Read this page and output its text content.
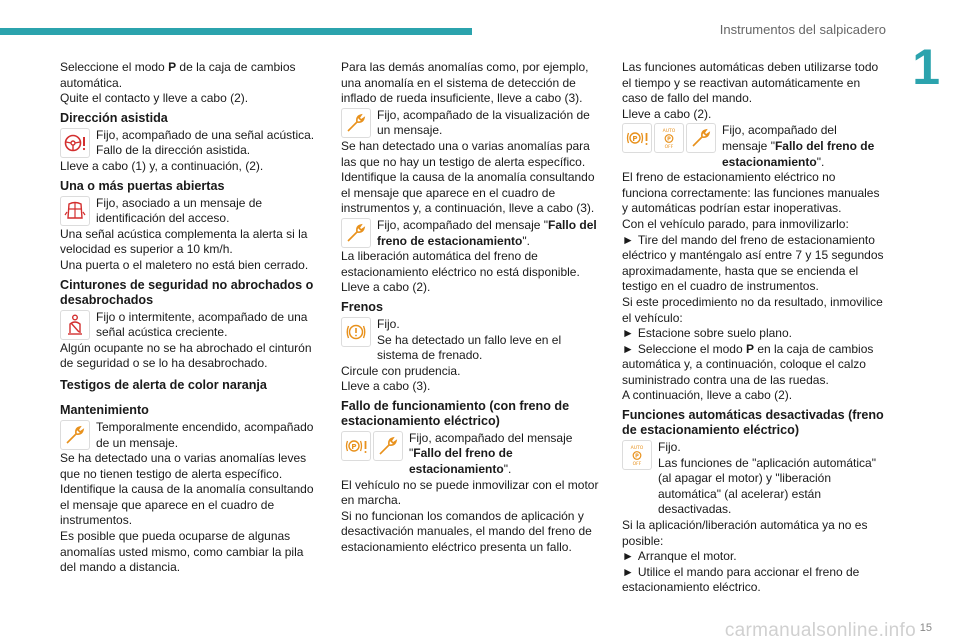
Instrumentos del salpicadero
1

Seleccione el modo P de la caja de cambios automática.

Quite el contacto y lleve a cabo (2).

Dirección asistida
Fijo, acompañado de una señal acústica. Fallo de la dirección asistida.

Lleve a cabo (1) y, a continuación, (2).

Una o más puertas abiertas
Fijo, asociado a un mensaje de identificación del acceso.

Una señal acústica complementa la alerta si la velocidad es superior a 10 km/h.

Una puerta o el maletero no está bien cerrado.

Cinturones de seguridad no abrochados o desabrochados
Fijo o intermitente, acompañado de una señal acústica creciente.

Algún ocupante no se ha abrochado el cinturón de seguridad o se lo ha desabrochado.

Testigos de alerta de color naranja
Mantenimiento
Temporalmente encendido, acompañado de un mensaje.

Se ha detectado una o varias anomalías leves que no tienen testigo de alerta específico.

Identifique la causa de la anomalía consultando el mensaje que aparece en el cuadro de instrumentos.

Es posible que pueda ocuparse de algunas anomalías usted mismo, como cambiar la pila del mando a distancia.

Para las demás anomalías como, por ejemplo, una anomalía en el sistema de detección de inflado de rueda insuficiente, lleve a cabo (3).

Fijo, acompañado de la visualización de un mensaje.

Se han detectado una o varias anomalías para las que no hay un testigo de alerta específico.

Identifique la causa de la anomalía consultando el mensaje que aparece en el cuadro de instrumentos y, a continuación, lleve a cabo (3).

Fijo, acompañado del mensaje "Fallo del freno de estacionamiento".

La liberación automática del freno de estacionamiento eléctrico no está disponible.

Lleve a cabo (2).

Frenos
Fijo.
Se ha detectado un fallo leve en el sistema de frenado.

Circule con prudencia.

Lleve a cabo (3).

Fallo de funcionamiento (con freno de estacionamiento eléctrico)
P
Fijo, acompañado del mensaje "Fallo del freno de estacionamiento".

El vehículo no se puede inmovilizar con el motor en marcha.

Si no funcionan los comandos de aplicación y desactivación manuales, el mando del freno de estacionamiento eléctrico presenta un fallo.

Las funciones automáticas deben utilizarse todo el tiempo y se reactivan automáticamente en caso de fallo del mando.

Lleve a cabo (2).

P
AUTO
P
OFF
Fijo, acompañado del mensaje "Fallo del freno de estacionamiento".

El freno de estacionamiento eléctrico no funciona correctamente: las funciones manuales y automáticas podrían estar inoperativas.

Con el vehículo parado, para inmovilizarlo:

► Tire del mando del freno de estacionamiento eléctrico y manténgalo así entre 7 y 15 segundos aproximadamente, hasta que se encienda el testigo en el cuadro de instrumentos.

Si este procedimiento no da resultado, inmovilice el vehículo:

► Estacione sobre suelo plano.

► Seleccione el modo P en la caja de cambios automática y, a continuación, coloque el calzo suministrado contra una de las ruedas.

A continuación, lleve a cabo (2).

Funciones automáticas desactivadas (freno de estacionamiento eléctrico)
AUTO
P
OFF
Fijo.
Las funciones de "aplicación automática" (al apagar el motor) y "liberación automática" (al acelerar) están desactivadas.

Si la aplicación/liberación automática ya no es posible:

► Arranque el motor.

► Utilice el mando para accionar el freno de estacionamiento eléctrico.

carmanualsonline.info 15
